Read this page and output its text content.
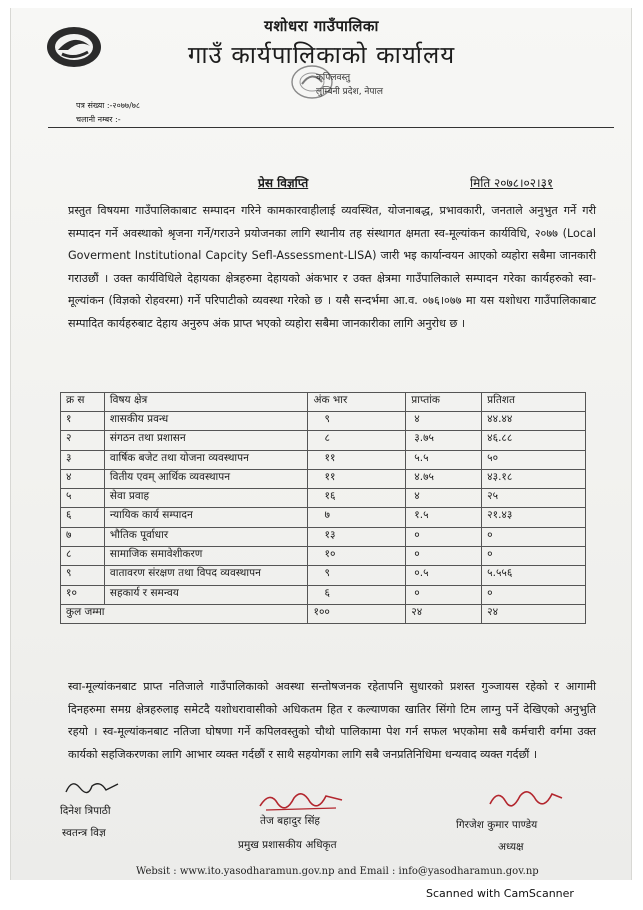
यशोधरा गाउँपालिका
गाउँ कार्यपालिकाको कार्यालय
कपिलवस्तु
लुम्बिनी प्रदेश, नेपाल
पत्र संख्या :-२०७७/७८
चलानी नम्बर :-
प्रेस विज्ञप्ति	मिति २०७८।०२।३१

प्रस्तुत विषयमा गाउँपालिकाबाट सम्पादन गरिने कामकारवाहीलाई व्यवस्थित, योजनाबद्ध, प्रभावकारी, जनताले अनुभुत गर्ने गरी सम्पादन गर्ने अवस्थाको श्रृजना गर्ने/गराउने प्रयोजनका लागि स्थानीय तह संस्थागत क्षमता स्व-मूल्यांकन कार्यविधि, २०७७ (Local Goverment Institutional Capcity Sefl-Assessment-LISA) जारी भइ कार्यान्वयन आएको व्यहोरा सबैमा जानकारी गराउछौं । उक्त कार्यविधिले देहायका क्षेत्रहरुमा देहायको अंकभार र उक्त क्षेत्रमा गाउँपालिकाले सम्पादन गरेका कार्यहरुको स्वा-मूल्यांकन (विज्ञको रोहवरमा) गर्ने परिपाटीको व्यवस्था गरेको छ । यसै सन्दर्भमा आ.व. ०७६।०७७ मा यस यशोधरा गाउँपालिकाबाट सम्पादित कार्यहरुबाट देहाय अनुरुप अंक प्राप्त भएको व्यहोरा सबैमा जानकारीका लागि अनुरोध छ ।

क्र स	विषय क्षेत्र	अंक भार	प्राप्तांक	प्रतिशत
१	शासकीय प्रवन्ध	९	४	४४.४४
२	संगठन तथा प्रशासन	८	३.७५	४६.८८
३	वार्षिक बजेट तथा योजना व्यवस्थापन	११	५.५	५०
४	वितीय एवम् आर्थिक व्यवस्थापन	११	४.७५	४३.१८
५	सेवा प्रवाह	१६	४	२५
६	न्यायिक कार्य सम्पादन	७	१.५	२१.४३
७	भौतिक पूर्वाधार	१३	०	०
८	सामाजिक समावेशीकरण	१०	०	०
९	वातावरण संरक्षण तथा विपद व्यवस्थापन	९	०.५	५.५५६
१०	सहकार्य र समन्वय	६	०	०
कुल जम्मा		१००	२४	२४

स्वा-मूल्यांकनबाट प्राप्त नतिजाले गाउँपालिकाको अवस्था सन्तोषजनक रहेतापनि सुधारको प्रशस्त गुञ्जायस रहेको र आगामी दिनहरुमा समग्र क्षेत्रहरुलाइ समेटदै यशोधरावासीको अधिकतम हित र कल्याणका खातिर सिंगो टिम लाग्नु पर्ने देखिएको अनुभुति रहयो । स्व-मूल्यांकनबाट नतिजा घोषणा गर्ने कपिलवस्तुको चौथो पालिकामा पेश गर्न सफल भएकोमा सबै कर्मचारी वर्गमा उक्त कार्यको सहजिकरणका लागि आभार व्यक्त गर्दछौं र साथै सहयोगका लागि सबै जनप्रतिनिधिमा धन्यवाद व्यक्त गर्दछौं ।

दिनेश त्रिपाठी
स्वतन्त्र विज्ञ
तेज बहादुर सिंह
प्रमुख प्रशासकीय अधिकृत
गिरजेश कुमार पाण्डेय
अध्यक्ष
Websit : www.ito.yasodharamun.gov.np and Email : info@yasodharamun.gov.np
Scanned with CamScanner
